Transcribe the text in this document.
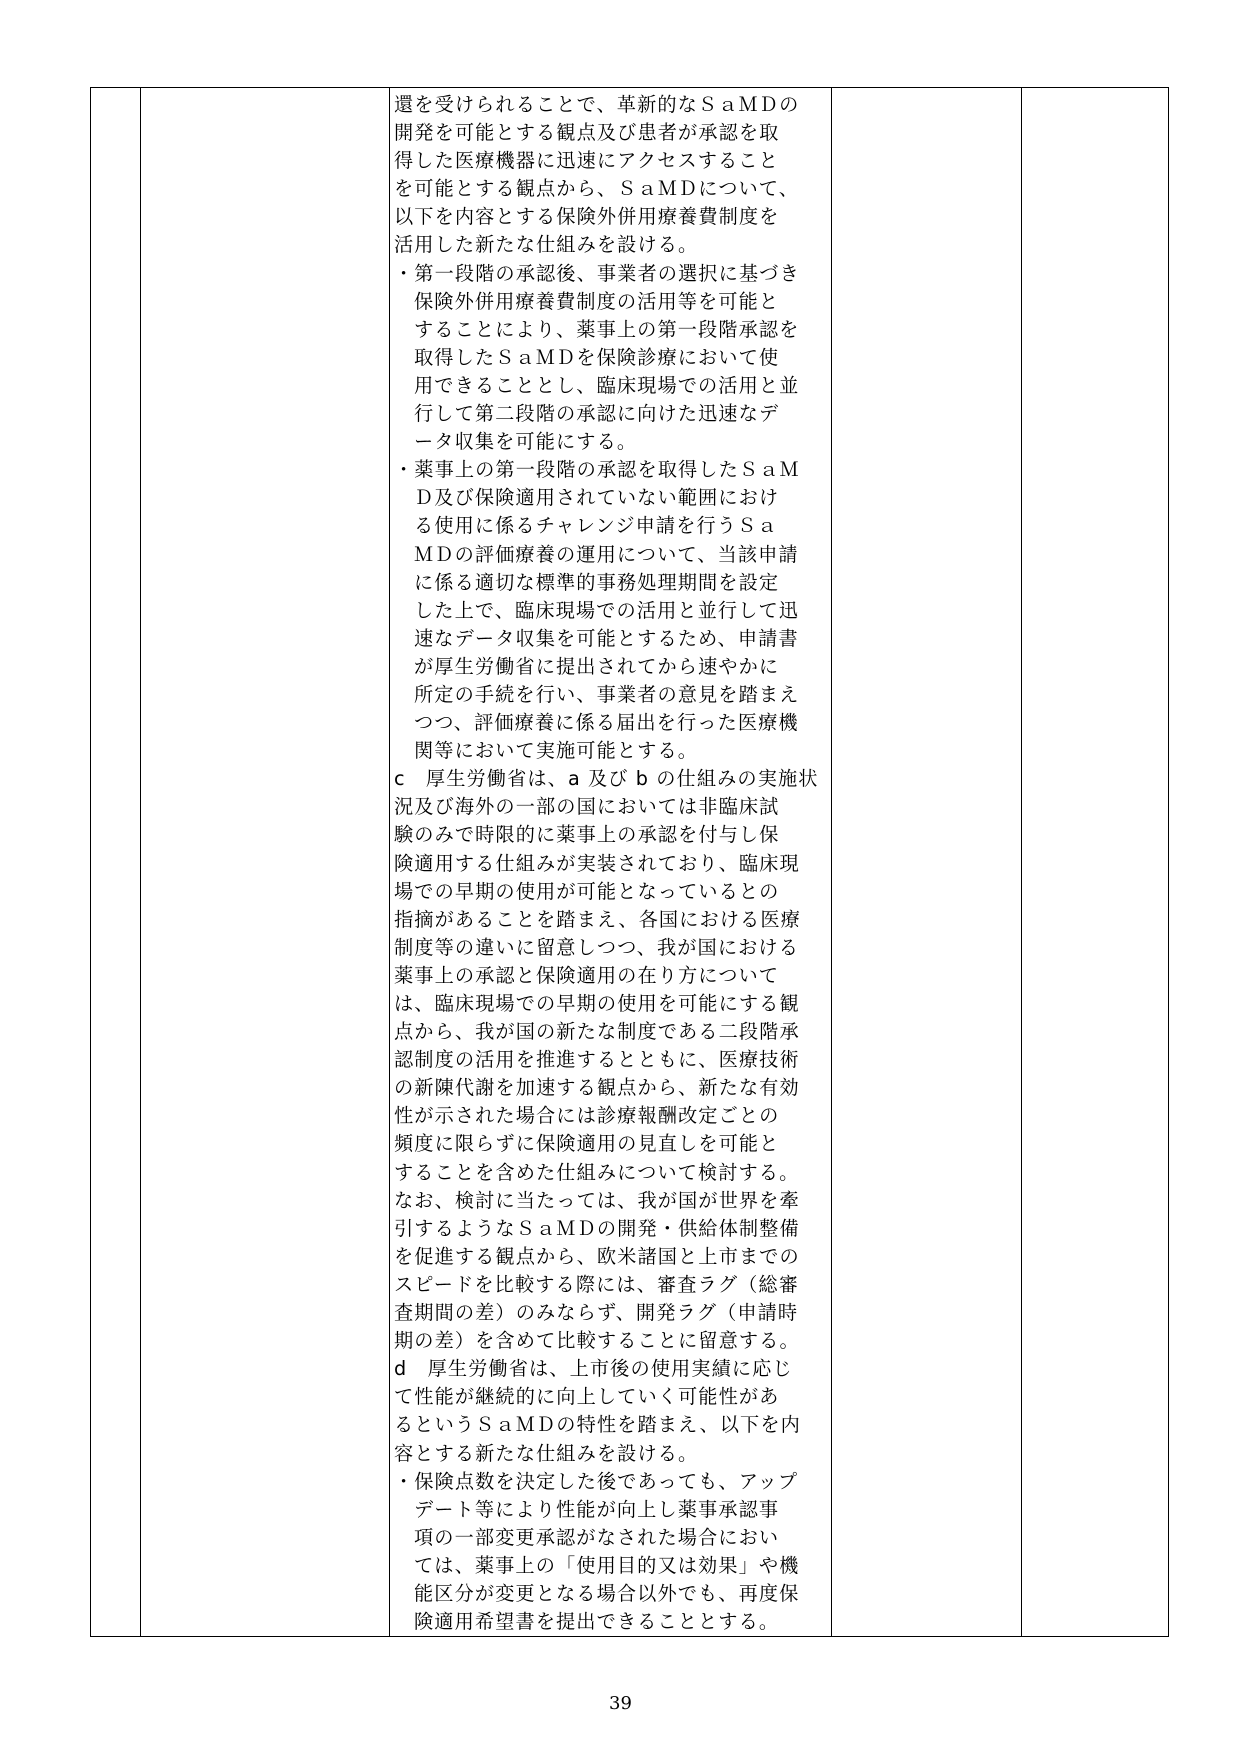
還を受けられることで、革新的なＳａＭＤの
開発を可能とする観点及び患者が承認を取
得した医療機器に迅速にアクセスすること
を可能とする観点から、ＳａＭＤについて、
以下を内容とする保険外併用療養費制度を
活用した新たな仕組みを設ける。
・第一段階の承認後、事業者の選択に基づき
保険外併用療養費制度の活用等を可能と
することにより、薬事上の第一段階承認を
取得したＳａＭＤを保険診療において使
用できることとし、臨床現場での活用と並
行して第二段階の承認に向けた迅速なデ
ータ収集を可能にする。
・薬事上の第一段階の承認を取得したＳａＭ
Ｄ及び保険適用されていない範囲におけ
る使用に係るチャレンジ申請を行うＳａ
ＭＤの評価療養の運用について、当該申請
に係る適切な標準的事務処理期間を設定
した上で、臨床現場での活用と並行して迅
速なデータ収集を可能とするため、申請書
が厚生労働省に提出されてから速やかに
所定の手続を行い、事業者の意見を踏まえ
つつ、評価療養に係る届出を行った医療機
関等において実施可能とする。
c　厚生労働省は、a 及び b の仕組みの実施状
況及び海外の一部の国においては非臨床試
験のみで時限的に薬事上の承認を付与し保
険適用する仕組みが実装されており、臨床現
場での早期の使用が可能となっているとの
指摘があることを踏まえ、各国における医療
制度等の違いに留意しつつ、我が国における
薬事上の承認と保険適用の在り方について
は、臨床現場での早期の使用を可能にする観
点から、我が国の新たな制度である二段階承
認制度の活用を推進するとともに、医療技術
の新陳代謝を加速する観点から、新たな有効
性が示された場合には診療報酬改定ごとの
頻度に限らずに保険適用の見直しを可能と
することを含めた仕組みについて検討する。
なお、検討に当たっては、我が国が世界を牽
引するようなＳａＭＤの開発・供給体制整備
を促進する観点から、欧米諸国と上市までの
スピードを比較する際には、審査ラグ（総審
査期間の差）のみならず、開発ラグ（申請時
期の差）を含めて比較することに留意する。
d　厚生労働省は、上市後の使用実績に応じ
て性能が継続的に向上していく可能性があ
るというＳａＭＤの特性を踏まえ、以下を内
容とする新たな仕組みを設ける。
・保険点数を決定した後であっても、アップ
デート等により性能が向上し薬事承認事
項の一部変更承認がなされた場合におい
ては、薬事上の「使用目的又は効果」や機
能区分が変更となる場合以外でも、再度保
険適用希望書を提出できることとする。

39
